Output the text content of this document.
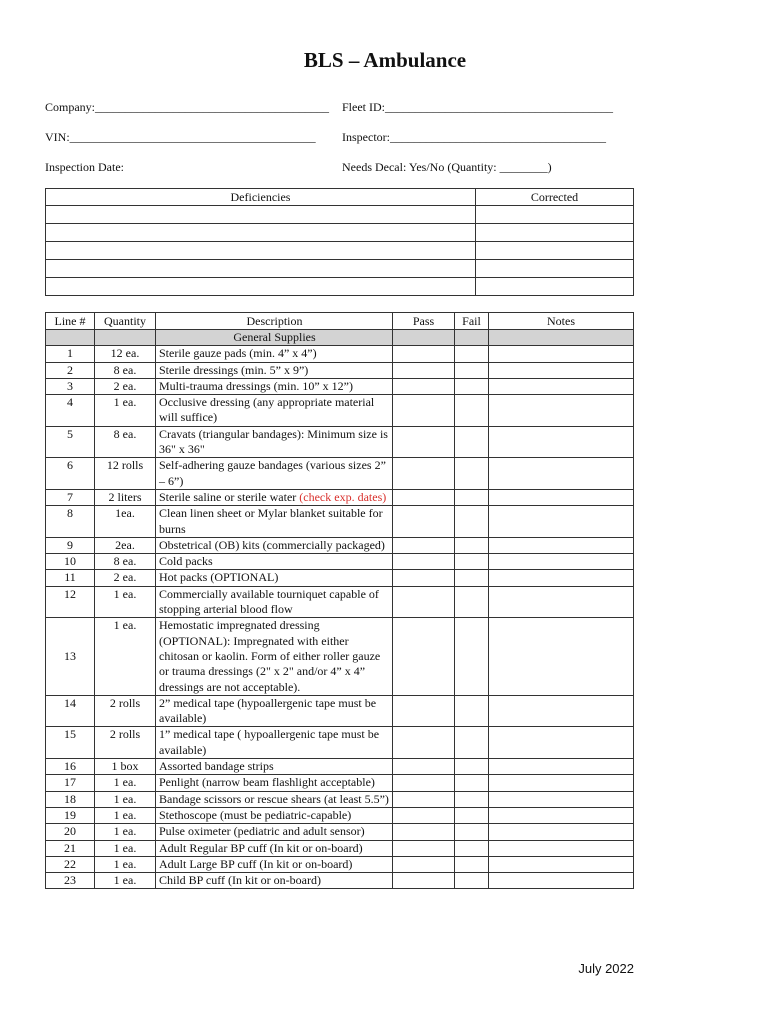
BLS – Ambulance
Company:_______________________________________ Fleet ID:______________________________________
VIN:_________________________________________ Inspector:____________________________________
Inspection Date:	Needs Decal: Yes/No (Quantity: ________)
Deficiencies	Corrected

Line #	Quantity	Description	Pass	Fail	Notes
		General Supplies			
1	12 ea.	Sterile gauze pads (min. 4” x 4”)			
2	8 ea.	Sterile dressings (min. 5” x 9”)			
3	2 ea.	Multi-trauma dressings (min. 10” x 12”)			
4	1 ea.	Occlusive dressing (any appropriate material will suffice)			
5	8 ea.	Cravats (triangular bandages): Minimum size is 36" x 36"			
6	12 rolls	Self-adhering gauze bandages (various sizes 2” – 6”)			
7	2 liters	Sterile saline or sterile water (check exp. dates)			
8	1ea.	Clean linen sheet or Mylar blanket suitable for burns			
9	2ea.	Obstetrical (OB) kits (commercially packaged)			
10	8 ea.	Cold packs			
11	2 ea.	Hot packs (OPTIONAL)			
12	1 ea.	Commercially available tourniquet capable of stopping arterial blood flow			
13	1 ea.	Hemostatic impregnated dressing (OPTIONAL): Impregnated with either chitosan or kaolin. Form of either roller gauze or trauma dressings (2" x 2" and/or 4” x 4” dressings are not acceptable).			
14	2 rolls	2” medical tape (hypoallergenic tape must be available)			
15	2 rolls	1” medical tape ( hypoallergenic tape must be available)			
16	1 box	Assorted bandage strips			
17	1 ea.	Penlight (narrow beam flashlight acceptable)			
18	1 ea.	Bandage scissors or rescue shears (at least 5.5”)			
19	1 ea.	Stethoscope (must be pediatric-capable)			
20	1 ea.	Pulse oximeter (pediatric and adult sensor)			
21	1 ea.	Adult Regular BP cuff (In kit or on-board)			
22	1 ea.	Adult Large BP cuff (In kit or on-board)			
23	1 ea.	Child BP cuff (In kit or on-board)			
July 2022
